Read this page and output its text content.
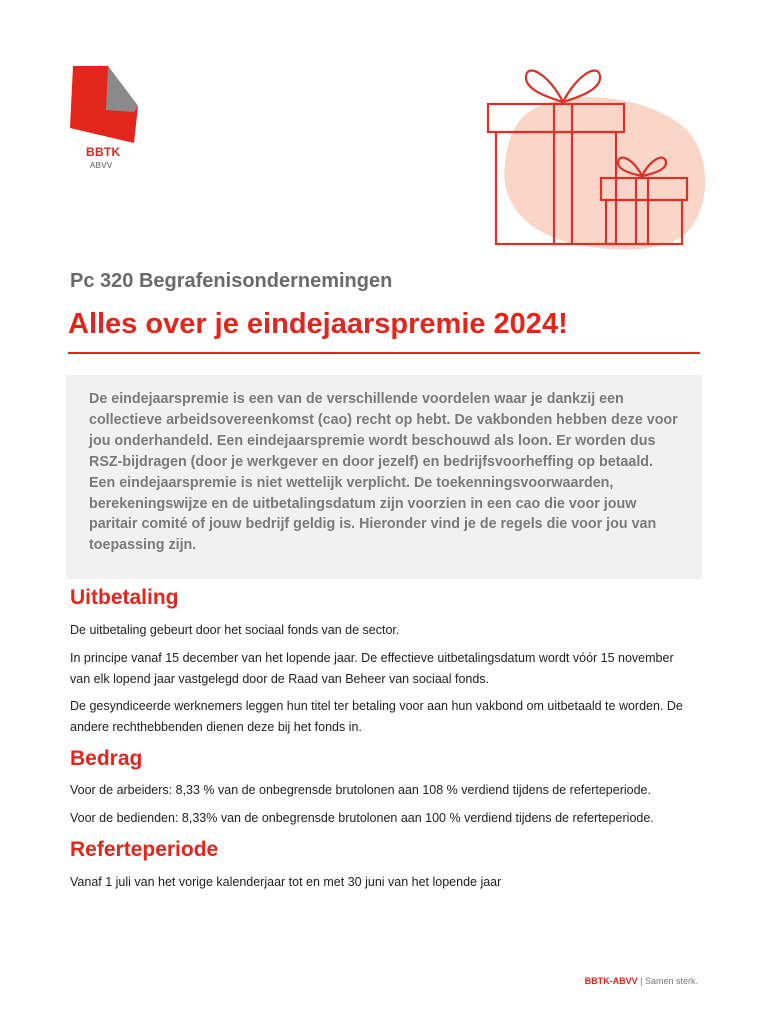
BBTK
ABVV
Pc 320 Begrafenisondernemingen
Alles over je eindejaarspremie 2024!

De eindejaarspremie is een van de verschillende voordelen waar je dankzij een collectieve arbeidsovereenkomst (cao) recht op hebt. De vakbonden hebben deze voor jou onderhandeld. Een eindejaarspremie wordt beschouwd als loon. Er worden dus RSZ-bijdragen (door je werkgever en door jezelf) en bedrijfsvoorheffing op betaald. Een eindejaarspremie is niet wettelijk verplicht. De toekenningsvoorwaarden, berekeningswijze en de uitbetalingsdatum zijn voorzien in een cao die voor jouw paritair comité of jouw bedrijf geldig is. Hieronder vind je de regels die voor jou van toepassing zijn.

Uitbetaling

De uitbetaling gebeurt door het sociaal fonds van de sector.

In principe vanaf 15 december van het lopende jaar. De effectieve uitbetalingsdatum wordt vóór 15 november van elk lopend jaar vastgelegd door de Raad van Beheer van sociaal fonds.

De gesyndiceerde werknemers leggen hun titel ter betaling voor aan hun vakbond om uitbetaald te worden. De andere rechthebbenden dienen deze bij het fonds in.

Bedrag

Voor de arbeiders: 8,33 % van de onbegrensde brutolonen aan 108 % verdiend tijdens de referteperiode.

Voor de bedienden: 8,33% van de onbegrensde brutolonen aan 100 % verdiend tijdens de referteperiode.

Referteperiode

Vanaf 1 juli van het vorige kalenderjaar tot en met 30 juni van het lopende jaar

BBTK-ABVV | Samen sterk.
